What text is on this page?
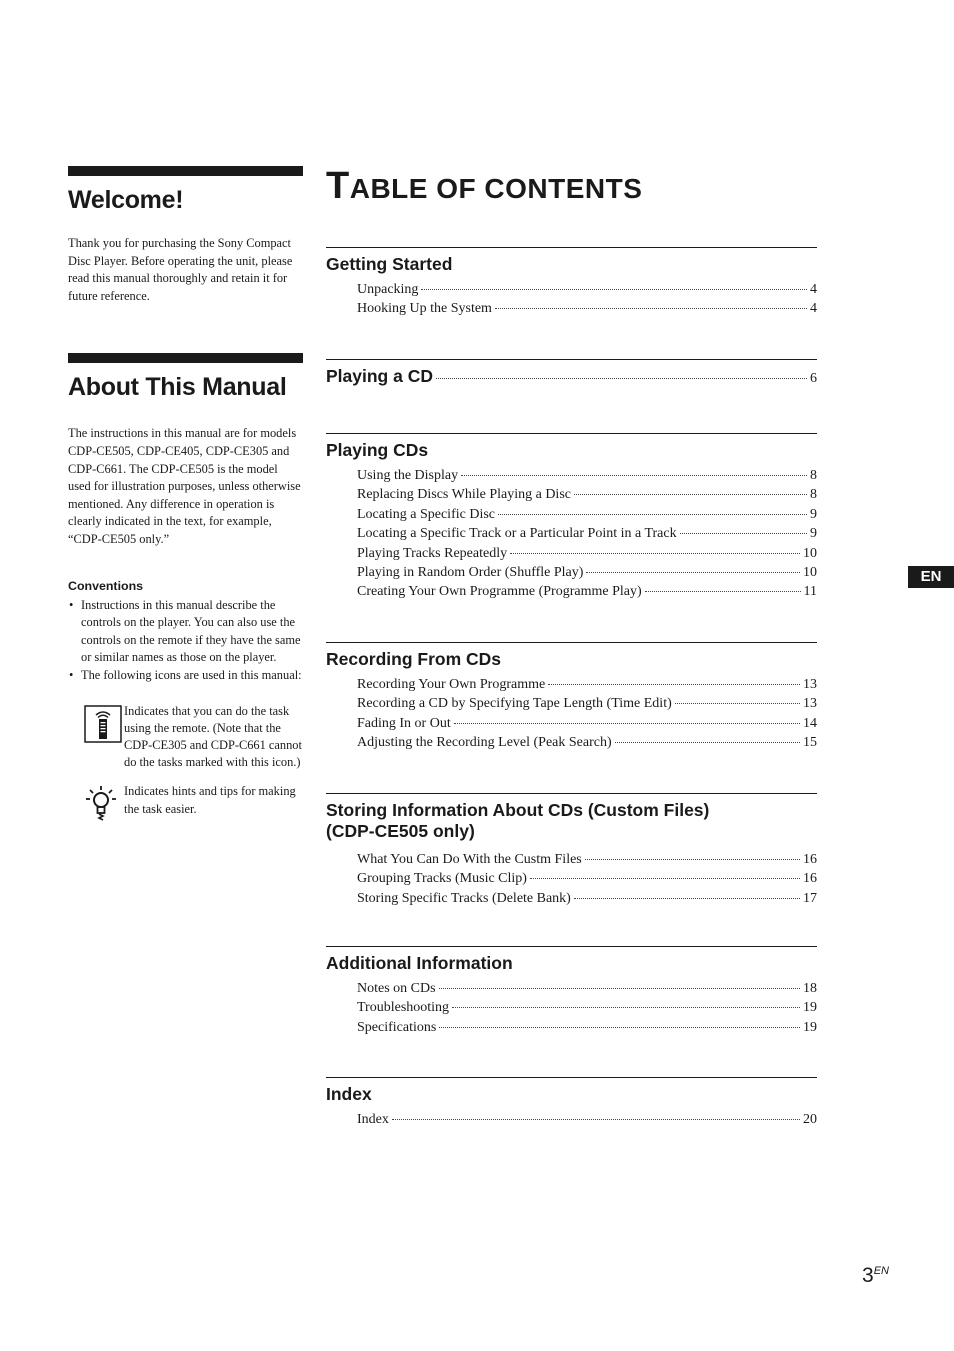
Welcome!
Thank you for purchasing the Sony Compact Disc Player. Before operating the unit, please read this manual thoroughly and retain it for future reference.
About This Manual
The instructions in this manual are for models CDP-CE505, CDP-CE405, CDP-CE305 and CDP-C661. The CDP-CE505 is the model used for illustration purposes, unless otherwise mentioned. Any difference in operation is clearly indicated in the text, for example, “CDP-CE505 only.”
Conventions
• Instructions in this manual describe the controls on the player. You can also use the controls on the remote if they have the same or similar names as those on the player.
• The following icons are used in this manual:
Indicates that you can do the task using the remote. (Note that the CDP-CE305 and CDP-C661 cannot do the tasks marked with this icon.)
Indicates hints and tips for making the task easier.
TABLE OF CONTENTS
Getting Started
Unpacking	4
Hooking Up the System	4
Playing a CD	6
Playing CDs
Using the Display	8
Replacing Discs While Playing a Disc	8
Locating a Specific Disc	9
Locating a Specific Track or a Particular Point in a Track	9
Playing Tracks Repeatedly	10
Playing in Random Order (Shuffle Play)	10
Creating Your Own Programme (Programme Play)	11
Recording From CDs
Recording Your Own Programme	13
Recording a CD by Specifying Tape Length (Time Edit)	13
Fading In or Out	14
Adjusting the Recording Level (Peak Search)	15
Storing Information About CDs (Custom Files)
(CDP-CE505 only)
What You Can Do With the Custm Files	16
Grouping Tracks (Music Clip)	16
Storing Specific Tracks (Delete Bank)	17
Additional Information
Notes on CDs	18
Troubleshooting	19
Specifications	19
Index
Index	20
EN
$3^{EN}$
